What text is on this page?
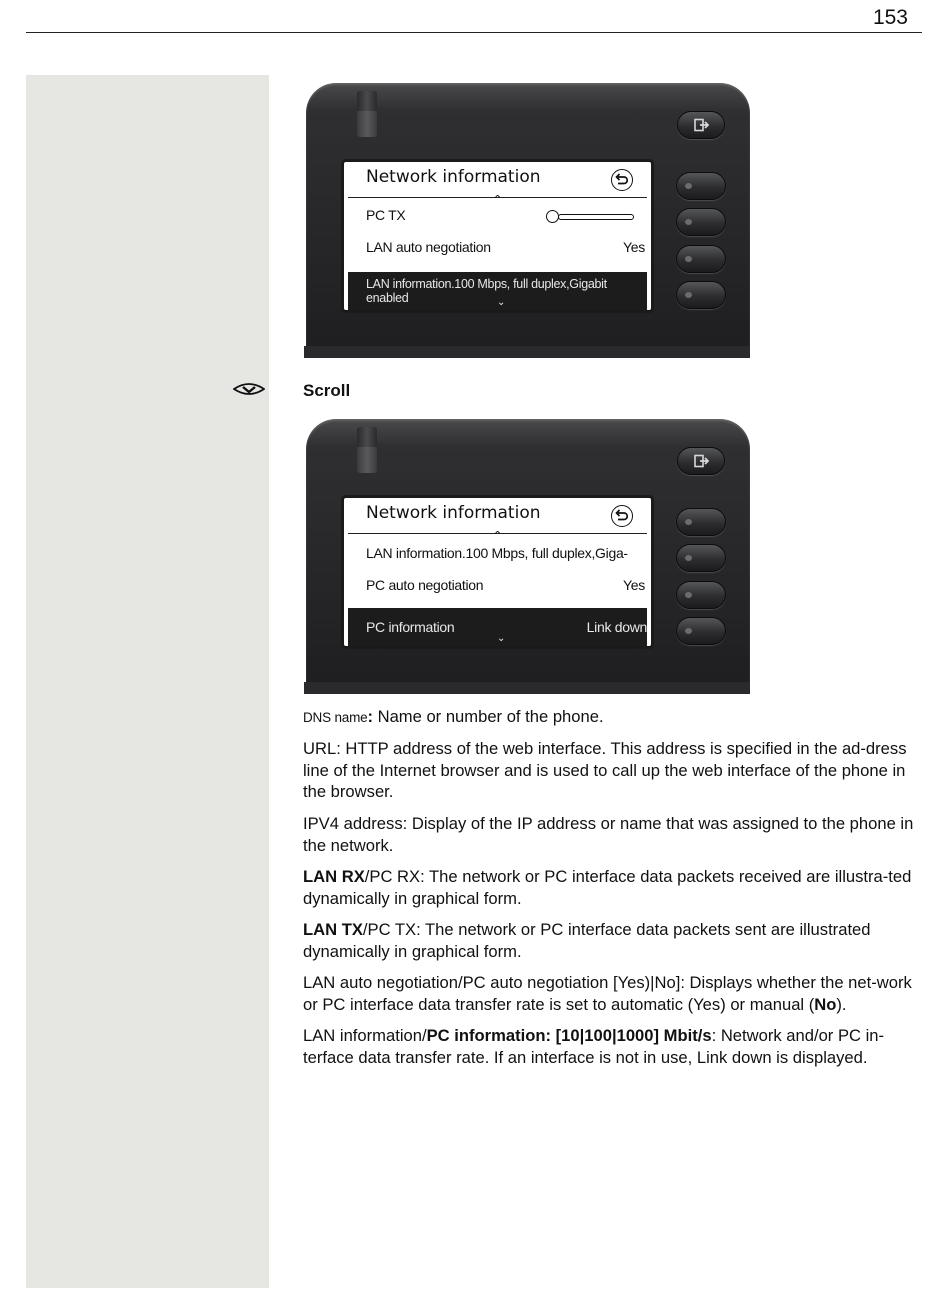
153
Network information
^
PC TX
LAN auto negotiation	Yes
LAN information.100 Mbps, full duplex,Gigabit enabled	⌄
Scroll
Network information
^
LAN information.100 Mbps, full duplex,Giga-
PC auto negotiation	Yes
PC information	Link down
⌄
DNS name: Name or number of the phone.
URL: HTTP address of the web interface. This address is specified in the ad-dress line of the Internet browser and is used to call up the web interface of the phone in the browser.
IPV4 address: Display of the IP address or name that was assigned to the phone in the network.
LAN RX/PC RX: The network or PC interface data packets received are illustra-ted dynamically in graphical form.
LAN TX/PC TX: The network or PC interface data packets sent are illustrated dynamically in graphical form.
LAN auto negotiation/PC auto negotiation [Yes)|No]: Displays whether the net-work or PC interface data transfer rate is set to automatic (Yes) or manual (No).
LAN information/PC information: [10|100|1000] Mbit/s: Network and/or PC in-terface data transfer rate. If an interface is not in use, Link down is displayed.
